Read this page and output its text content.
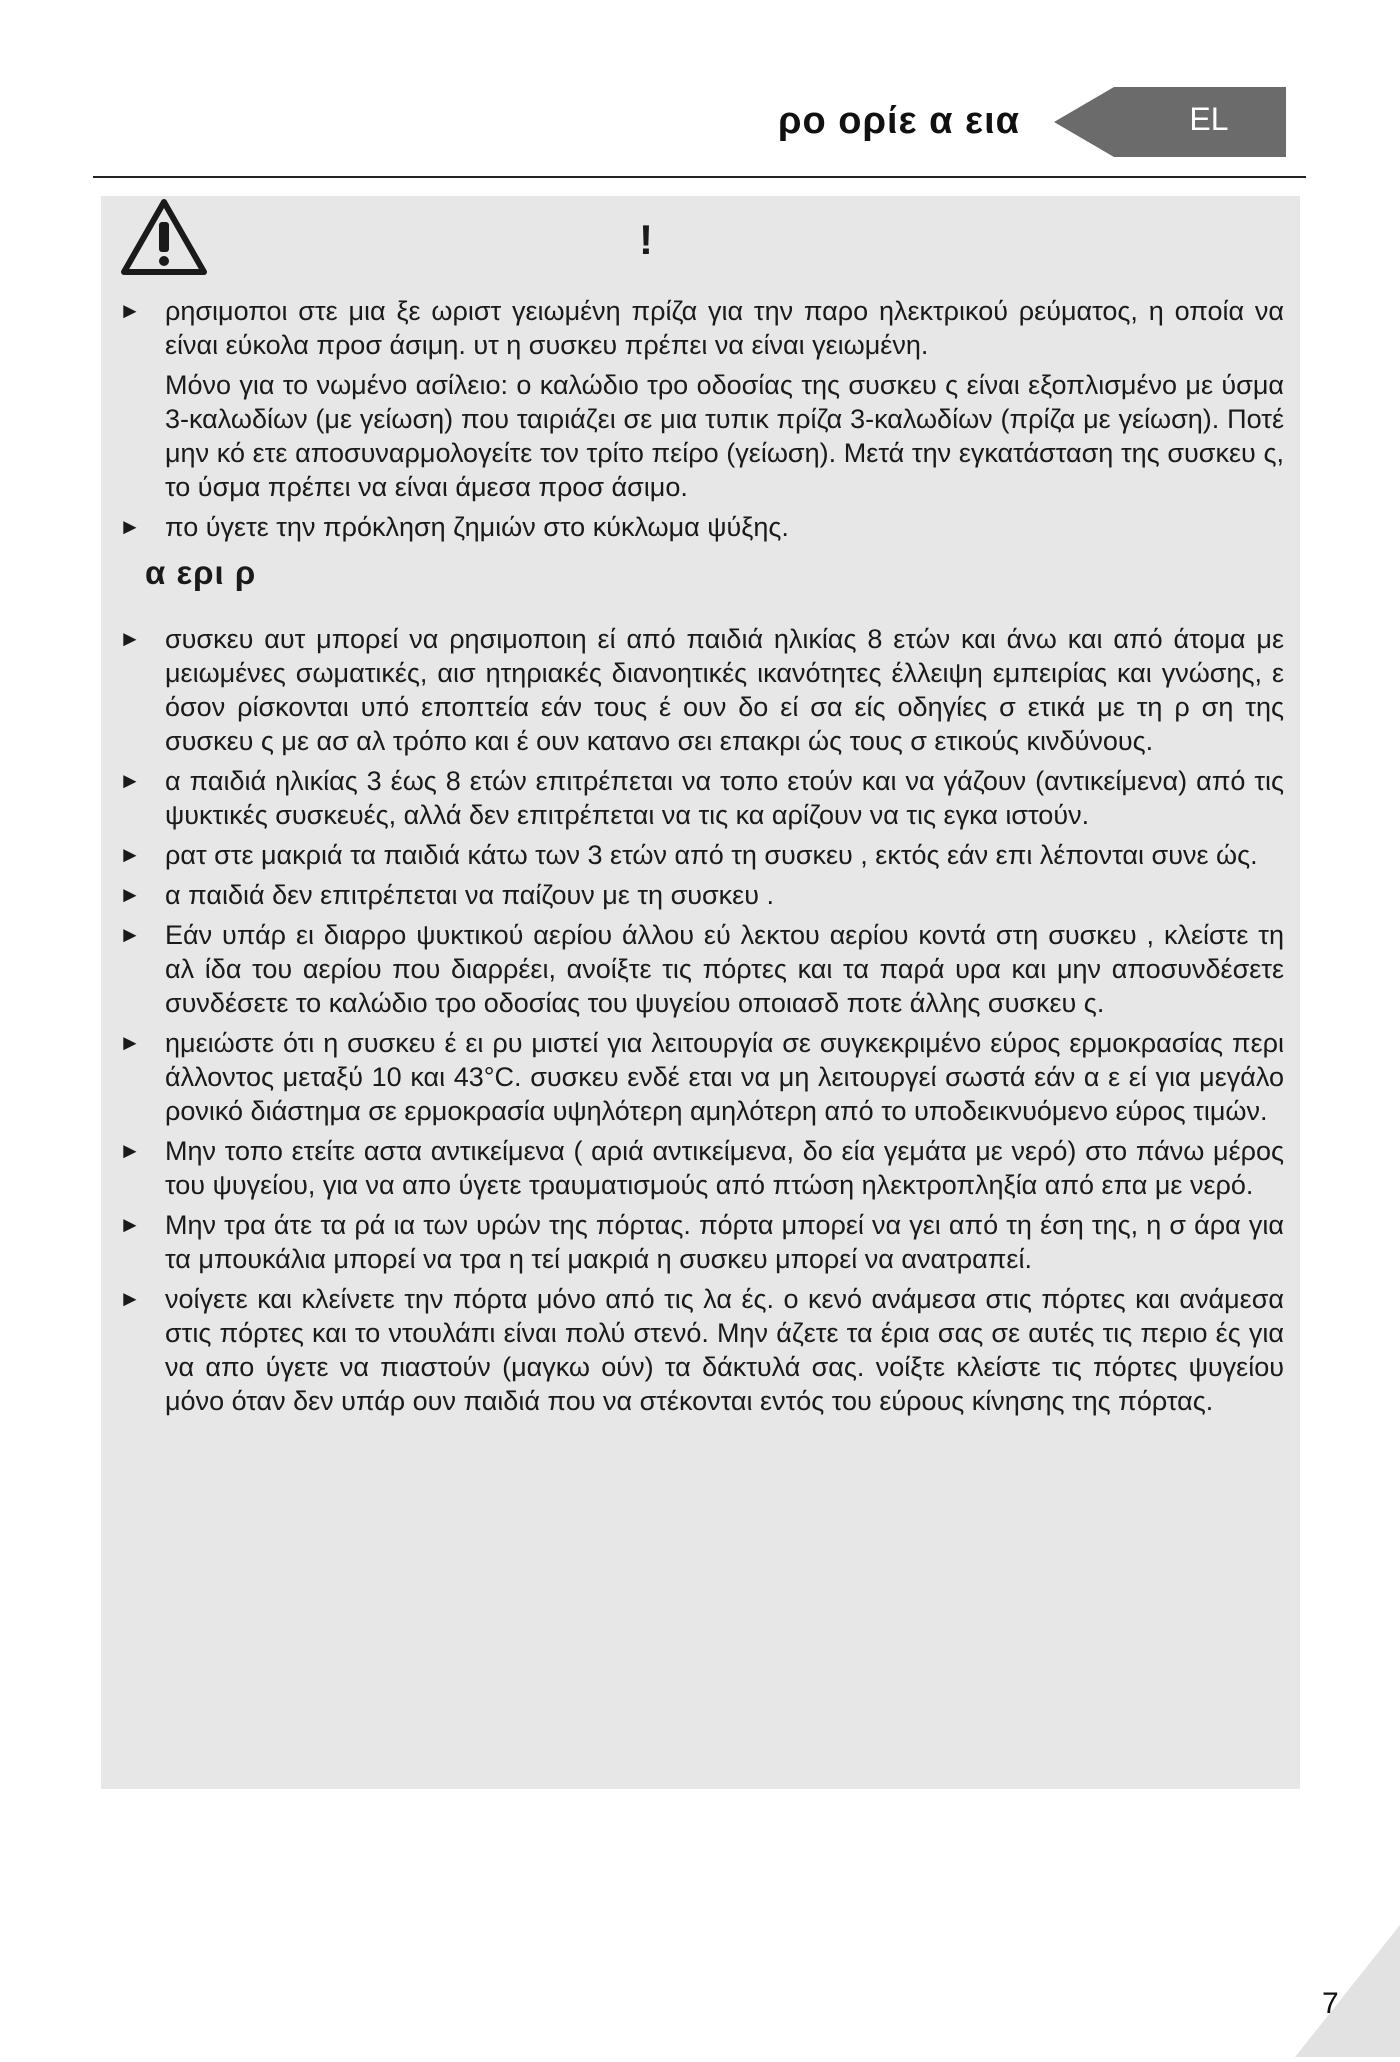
ρο ορίε α εια	EL
!
► ρησιμοποι στε μια ξε ωριστ γειωμένη πρίζα για την παρο ηλεκτρικού ρεύματος, η οποία να είναι εύκολα προσ άσιμη. υτ η συσκευ πρέπει να είναι γειωμένη.
Μόνο για το νωμένο ασίλειο: ο καλώδιο τρο οδοσίας της συσκευ ς είναι εξοπλισμένο με ύσμα 3-καλωδίων (με γείωση) που ταιριάζει σε μια τυπικ πρίζα 3-καλωδίων (πρίζα με γείωση). Ποτέ μην κό ετε αποσυναρμολογείτε τον τρίτο πείρο (γείωση). Μετά την εγκατάσταση της συσκευ ς, το ύσμα πρέπει να είναι άμεσα προσ άσιμο.
► πο ύγετε την πρόκληση ζημιών στο κύκλωμα ψύξης.
α ερι ρ
► συσκευ αυτ μπορεί να ρησιμοποιη εί από παιδιά ηλικίας 8 ετών και άνω και από άτομα με μειωμένες σωματικές, αισ ητηριακές διανοητικές ικανότητες έλλειψη εμπειρίας και γνώσης, ε όσον ρίσκονται υπό εποπτεία εάν τους έ ουν δο εί σα είς οδηγίες σ ετικά με τη ρ ση της συσκευ ς με ασ αλ τρόπο και έ ουν κατανο σει επακρι ώς τους σ ετικούς κινδύνους.
► α παιδιά ηλικίας 3 έως 8 ετών επιτρέπεται να τοπο ετούν και να γάζουν (αντικείμενα) από τις ψυκτικές συσκευές, αλλά δεν επιτρέπεται να τις κα αρίζουν να τις εγκα ιστούν.
► ρατ στε μακριά τα παιδιά κάτω των 3 ετών από τη συσκευ , εκτός εάν επι λέπονται συνε ώς.
► α παιδιά δεν επιτρέπεται να παίζουν με τη συσκευ .
► Εάν υπάρ ει διαρρο ψυκτικού αερίου άλλου εύ λεκτου αερίου κοντά στη συσκευ , κλείστε τη αλ ίδα του αερίου που διαρρέει, ανοίξτε τις πόρτες και τα παρά υρα και μην αποσυνδέσετε συνδέσετε το καλώδιο τρο οδοσίας του ψυγείου οποιασδ ποτε άλλης συσκευ ς.
► ημειώστε ότι η συσκευ έ ει ρυ μιστεί για λειτουργία σε συγκεκριμένο εύρος ερμοκρασίας περι άλλοντος μεταξύ 10 και 43°C. συσκευ ενδέ εται να μη λειτουργεί σωστά εάν α ε εί για μεγάλο ρονικό διάστημα σε ερμοκρασία υψηλότερη αμηλότερη από το υποδεικνυόμενο εύρος τιμών.
► Μην τοπο ετείτε αστα αντικείμενα ( αριά αντικείμενα, δο εία γεμάτα με νερό) στο πάνω μέρος του ψυγείου, για να απο ύγετε τραυματισμούς από πτώση ηλεκτροπληξία από επα με νερό.
► Μην τρα άτε τα ρά ια των υρών της πόρτας. πόρτα μπορεί να γει από τη έση της, η σ άρα για τα μπουκάλια μπορεί να τρα η τεί μακριά η συσκευ μπορεί να ανατραπεί.
► νοίγετε και κλείνετε την πόρτα μόνο από τις λα ές. ο κενό ανάμεσα στις πόρτες και ανάμεσα στις πόρτες και το ντουλάπι είναι πολύ στενό. Μην άζετε τα έρια σας σε αυτές τις περιο ές για να απο ύγετε να πιαστούν (μαγκω ούν) τα δάκτυλά σας. νοίξτε κλείστε τις πόρτες ψυγείου μόνο όταν δεν υπάρ ουν παιδιά που να στέκονται εντός του εύρους κίνησης της πόρτας.
7
